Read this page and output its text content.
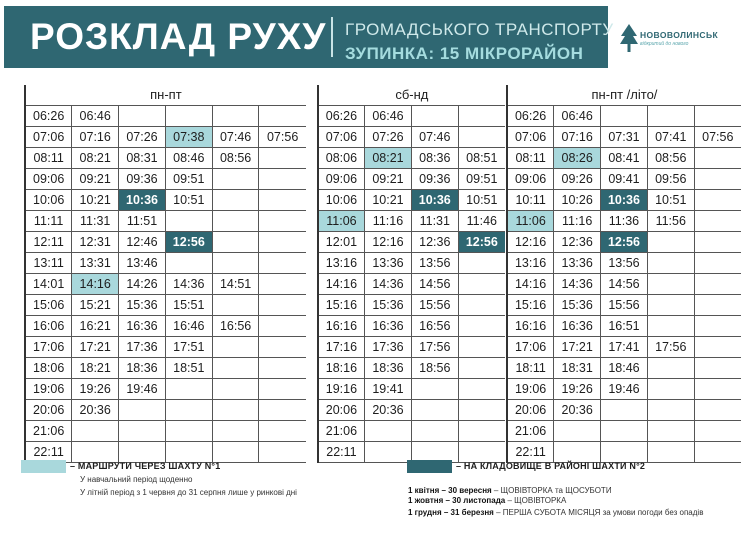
РОЗКЛАД РУХУ ГРОМАДСЬКОГО ТРАНСПОРТУ
ЗУПИНКА: 15 МІКРОРАЙОН
НОВОВОЛИНСЬК
відкритий до нового
пн-пт							сб-нд					пн-пт /літо/				
06:26	06:46						06:26	06:46				06:26	06:46			
07:06	07:16	07:26	07:38	07:46	07:56		07:06	07:26	07:46			07:06	07:16	07:31	07:41	07:56
08:11	08:21	08:31	08:46	08:56			08:06	08:21	08:36	08:51		08:11	08:26	08:41	08:56	
09:06	09:21	09:36	09:51				09:06	09:21	09:36	09:51		09:06	09:26	09:41	09:56	
10:06	10:21	10:36	10:51				10:06	10:21	10:36	10:51		10:11	10:26	10:36	10:51	
11:11	11:31	11:51					11:06	11:16	11:31	11:46		11:06	11:16	11:36	11:56	
12:11	12:31	12:46	12:56				12:01	12:16	12:36	12:56		12:16	12:36	12:56		
13:11	13:31	13:46					13:16	13:36	13:56			13:16	13:36	13:56		
14:01	14:16	14:26	14:36	14:51			14:16	14:36	14:56			14:16	14:36	14:56		
15:06	15:21	15:36	15:51				15:16	15:36	15:56			15:16	15:36	15:56		
16:06	16:21	16:36	16:46	16:56			16:16	16:36	16:56			16:16	16:36	16:51		
17:06	17:21	17:36	17:51				17:16	17:36	17:56			17:06	17:21	17:41	17:56	
18:06	18:21	18:36	18:51				18:16	18:36	18:56			18:11	18:31	18:46		
19:06	19:26	19:46					19:16	19:41				19:06	19:26	19:46		
20:06	20:36						20:06	20:36				20:06	20:36			
21:06							21:06					21:06				
22:11							22:11					22:11				
– МАРШРУТИ ЧЕРЕЗ ШАХТУ N°1
У навчальний період щоденно
У літній період з 1 червня до 31 серпня лише у ринкові дні
– НА КЛАДОВИЩЕ В РАЙОНІ ШАХТИ N°2
1 квітня – 30 вересня – ЩОВІВТОРКА та ЩОСУБОТИ
1 жовтня – 30 листопада – ЩОВІВТОРКА
1 грудня – 31 березня – ПЕРША СУБОТА МІСЯЦЯ за умови погоди без опадів
